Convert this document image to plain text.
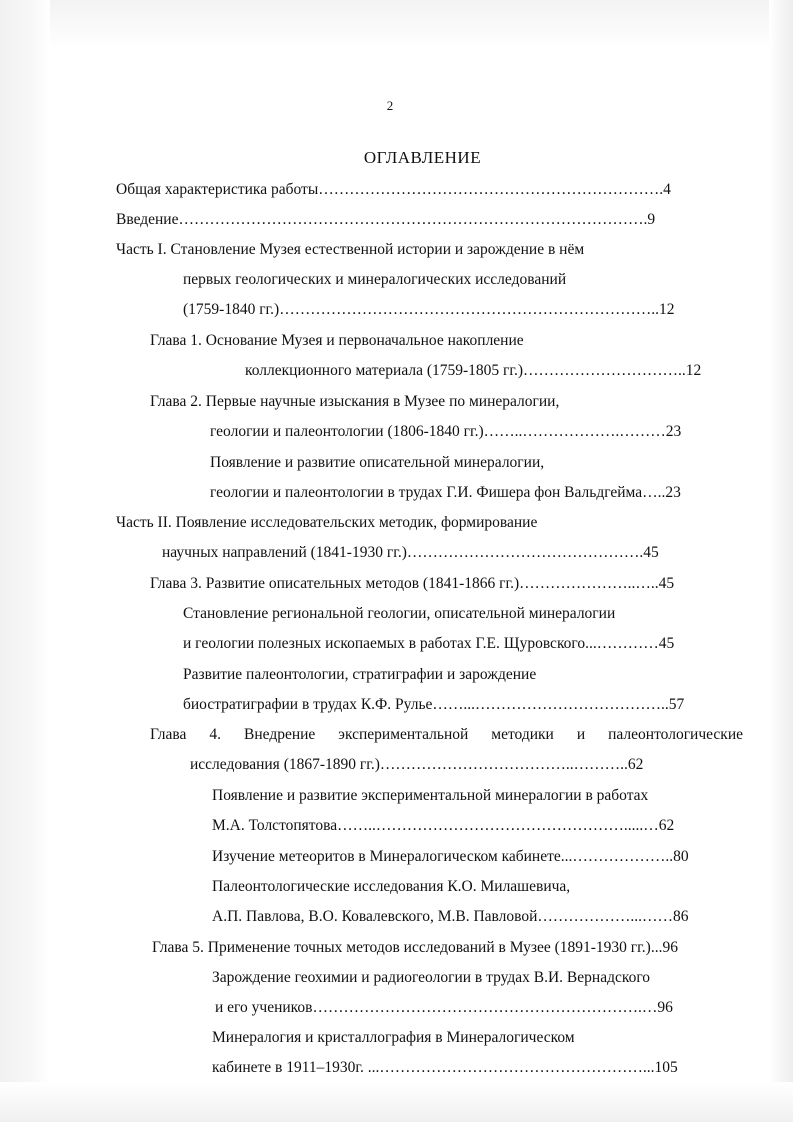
2
ОГЛАВЛЕНИЕ
Общая характеристика работы………………………………………………………….4
Введение……………………………………………………………………………….9
Часть I. Становление Музея естественной истории и зарождение в нём
первых геологических и минералогических исследований
(1759-1840 гг.)………………………………………………………………..12
Глава 1. Основание Музея и первоначальное накопление
коллекционного материала (1759-1805 гг.)…………………………..12
Глава 2. Первые научные изыскания в Музее по минералогии,
геологии и палеонтологии (1806-1840 гг.)……..……………….………23
Появление и развитие описательной минералогии,
геологии и палеонтологии в трудах Г.И. Фишера фон Вальдгейма…..23
Часть II. Появление исследовательских методик, формирование
научных направлений (1841-1930 гг.)……………………………………….45
Глава 3. Развитие описательных методов (1841-1866 гг.)…………………..…..45
Становление региональной геологии, описательной минералогии
и геологии полезных ископаемых в работах Г.Е. Щуровского...…………45
Развитие палеонтологии, стратиграфии и зарождение
биостратиграфии в трудах К.Ф. Рулье……...………………………………..57
Глава 4. Внедрение экспериментальной методики и палеонтологические
исследования (1867-1890 гг.)………………………………..………..62
Появление и развитие экспериментальной минералогии в работах
М.А. Толстопятова……..………………………………………….....…62
Изучение метеоритов в Минералогическом кабинете...………………..80
Палеонтологические исследования К.О. Милашевича,
А.П. Павлова, В.О. Ковалевского, М.В. Павловой………………...……86
Глава 5. Применение точных методов исследований в Музее (1891-1930 гг.)...96
Зарождение геохимии и радиогеологии в трудах В.И. Вернадского
и его учеников……………………………………………………….…96
Минералогия и кристаллография в Минералогическом
кабинете в 1911–1930г. ...……………………………………………...105
